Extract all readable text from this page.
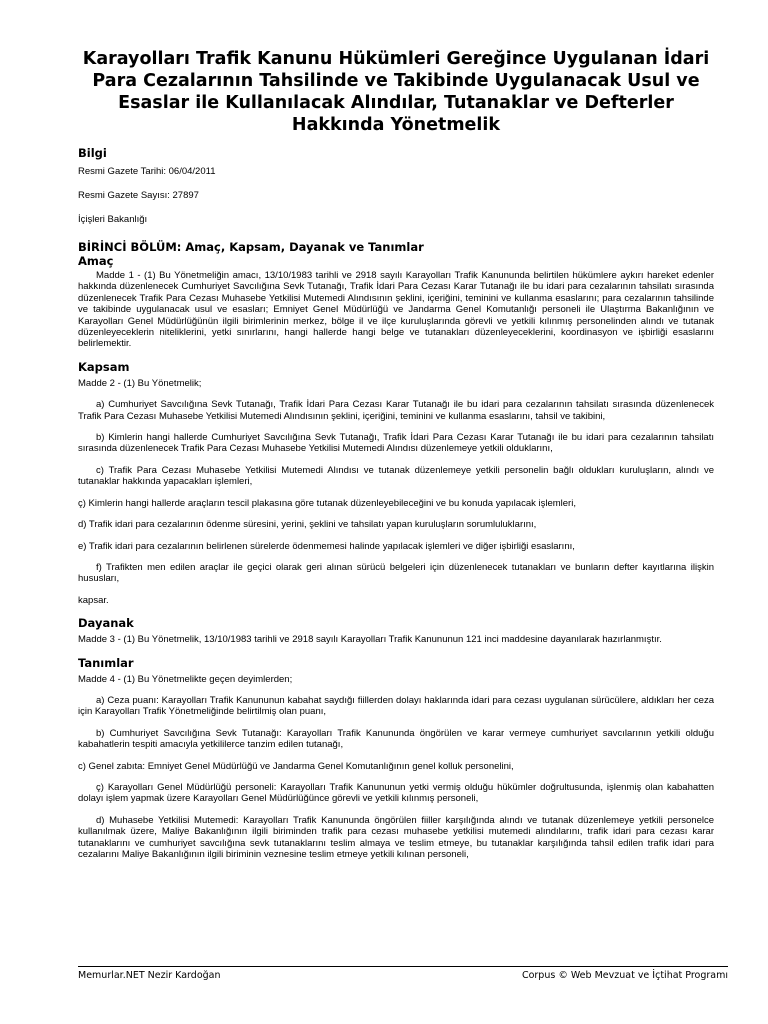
Karayolları Trafik Kanunu Hükümleri Gereğince Uygulanan İdari Para Cezalarının Tahsilinde ve Takibinde Uygulanacak Usul ve Esaslar ile Kullanılacak Alındılar, Tutanaklar ve Defterler Hakkında Yönetmelik
Bilgi

Resmi Gazete Tarihi: 06/04/2011

Resmi Gazete Sayısı: 27897

İçişleri Bakanlığı

BİRİNCİ BÖLÜM: Amaç, Kapsam, Dayanak ve Tanımlar
Amaç

Madde 1 - (1) Bu Yönetmeliğin amacı, 13/10/1983 tarihli ve 2918 sayılı Karayolları Trafik Kanununda belirtilen hükümlere aykırı hareket edenler hakkında düzenlenecek Cumhuriyet Savcılığına Sevk Tutanağı, Trafik İdari Para Cezası Karar Tutanağı ile bu idari para cezalarının tahsilatı sırasında düzenlenecek Trafik Para Cezası Muhasebe Yetkilisi Mutemedi Alındısının şeklini, içeriğini, teminini ve kullanma esaslarını; para cezalarının tahsilinde ve takibinde uygulanacak usul ve esasları; Emniyet Genel Müdürlüğü ve Jandarma Genel Komutanlığı personeli ile Ulaştırma Bakanlığının ve Karayolları Genel Müdürlüğünün ilgili birimlerinin merkez, bölge il ve ilçe kuruluşlarında görevli ve yetkili kılınmış personelinden alındı ve tutanak düzenleyeceklerin niteliklerini, yetki sınırlarını, hangi hallerde hangi belge ve tutanakları düzenleyeceklerini, koordinasyon ve işbirliği esaslarını belirlemektir.

Kapsam

Madde 2 - (1) Bu Yönetmelik;

a) Cumhuriyet Savcılığına Sevk Tutanağı, Trafik İdari Para Cezası Karar Tutanağı ile bu idari para cezalarının tahsilatı sırasında düzenlenecek Trafik Para Cezası Muhasebe Yetkilisi Mutemedi Alındısının şeklini, içeriğini, teminini ve kullanma esaslarını, tahsil ve takibini,

b) Kimlerin hangi hallerde Cumhuriyet Savcılığına Sevk Tutanağı, Trafik İdari Para Cezası Karar Tutanağı ile bu idari para cezalarının tahsilatı sırasında düzenlenecek Trafik Para Cezası Muhasebe Yetkilisi Mutemedi Alındısı düzenlemeye yetkili olduklarını,

c) Trafik Para Cezası Muhasebe Yetkilisi Mutemedi Alındısı ve tutanak düzenlemeye yetkili personelin bağlı oldukları kuruluşların, alındı ve tutanaklar hakkında yapacakları işlemleri,

ç) Kimlerin hangi hallerde araçların tescil plakasına göre tutanak düzenleyebileceğini ve bu konuda yapılacak işlemleri,

d) Trafik idari para cezalarının ödenme süresini, yerini, şeklini ve tahsilatı yapan kuruluşların sorumluluklarını,

e) Trafik idari para cezalarının belirlenen sürelerde ödenmemesi halinde yapılacak işlemleri ve diğer işbirliği esaslarını,

f) Trafikten men edilen araçlar ile geçici olarak geri alınan sürücü belgeleri için düzenlenecek tutanakları ve bunların defter kayıtlarına ilişkin hususları,

kapsar.

Dayanak

Madde 3 - (1) Bu Yönetmelik, 13/10/1983 tarihli ve 2918 sayılı Karayolları Trafik Kanununun 121 inci maddesine dayanılarak hazırlanmıştır.

Tanımlar

Madde 4 - (1) Bu Yönetmelikte geçen deyimlerden;

a) Ceza puanı: Karayolları Trafik Kanununun kabahat saydığı fiillerden dolayı haklarında idari para cezası uygulanan sürücülere, aldıkları her ceza için Karayolları Trafik Yönetmeliğinde belirtilmiş olan puanı,

b) Cumhuriyet Savcılığına Sevk Tutanağı: Karayolları Trafik Kanununda öngörülen ve karar vermeye cumhuriyet savcılarının yetkili olduğu kabahatlerin tespiti amacıyla yetkililerce tanzim edilen tutanağı,

c) Genel zabıta: Emniyet Genel Müdürlüğü ve Jandarma Genel Komutanlığının genel kolluk personelini,

ç) Karayolları Genel Müdürlüğü personeli: Karayolları Trafik Kanununun yetki vermiş olduğu hükümler doğrultusunda, işlenmiş olan kabahatten dolayı işlem yapmak üzere Karayolları Genel Müdürlüğünce görevli ve yetkili kılınmış personeli,

d) Muhasebe Yetkilisi Mutemedi: Karayolları Trafik Kanununda öngörülen fiiller karşılığında alındı ve tutanak düzenlemeye yetkili personelce kullanılmak üzere, Maliye Bakanlığının ilgili biriminden trafik para cezası muhasebe yetkilisi mutemedi alındılarını, trafik idari para cezası karar tutanaklarını ve cumhuriyet savcılığına sevk tutanaklarını teslim almaya ve teslim etmeye, bu tutanaklar karşılığında tahsil edilen trafik idari para cezalarını Maliye Bakanlığının ilgili biriminin veznesine teslim etmeye yetkili kılınan personeli,

Memurlar.NET Nezir Kardoğan	Corpus © Web Mevzuat ve İçtihat Programı
